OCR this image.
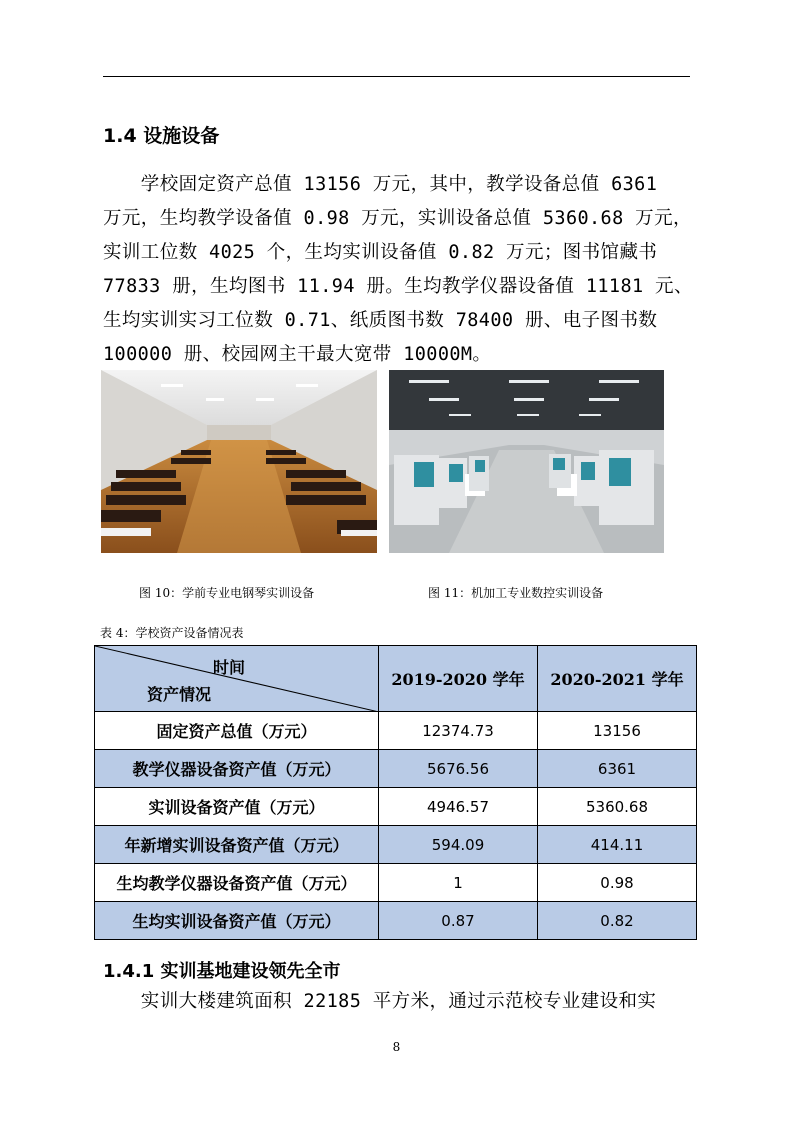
1.4 设施设备
　　学校固定资产总值 13156 万元，其中，教学设备总值 6361
万元，生均教学设备值 0.98 万元，实训设备总值 5360.68 万元，
实训工位数 4025 个，生均实训设备值 0.82 万元；图书馆藏书
77833 册，生均图书 11.94 册。生均教学仪器设备值 11181 元、
生均实训实习工位数 0.71、纸质图书数 78400 册、电子图书数
100000 册、校园网主干最大宽带 10000M。
图 10：学前专业电钢琴实训设备	图 11：机加工专业数控实训设备
表 4：学校资产设备情况表
时间
资产情况	2019-2020 学年	2020-2021 学年
固定资产总值（万元）	12374.73	13156
教学仪器设备资产值（万元）	5676.56	6361
实训设备资产值（万元）	4946.57	5360.68
年新增实训设备资产值（万元）	594.09	414.11
生均教学仪器设备资产值（万元）	1	0.98
生均实训设备资产值（万元）	0.87	0.82
1.4.1 实训基地建设领先全市
　　实训大楼建筑面积 22185 平方米，通过示范校专业建设和实
8
